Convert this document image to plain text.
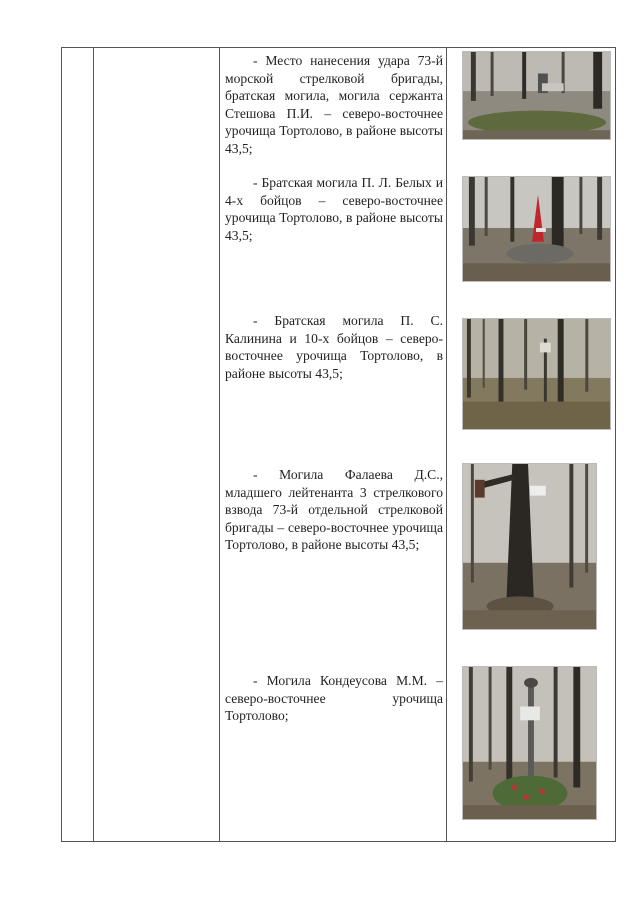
- Место нанесения удара 73-й морской стрелковой бригады, братская могила, могила сержанта Стешова П.И. – северо-восточнее урочища Тортолово, в районе высоты 43,5;
- Братская могила П. Л. Белых и 4-х бойцов – северо-восточнее урочища Тортолово, в районе высоты 43,5;
- Братская могила П. С. Калинина и 10-х бойцов – северо-восточнее урочища Тортолово, в районе высоты 43,5;
- Могила Фалаева Д.С., младшего лейтенанта 3 стрелкового взвода 73-й отдельной стрелковой бригады – северо-восточнее урочища Тортолово, в районе высоты 43,5;
- Могила Кондеусова М.М. – северо-восточнее урочища Тортолово;
